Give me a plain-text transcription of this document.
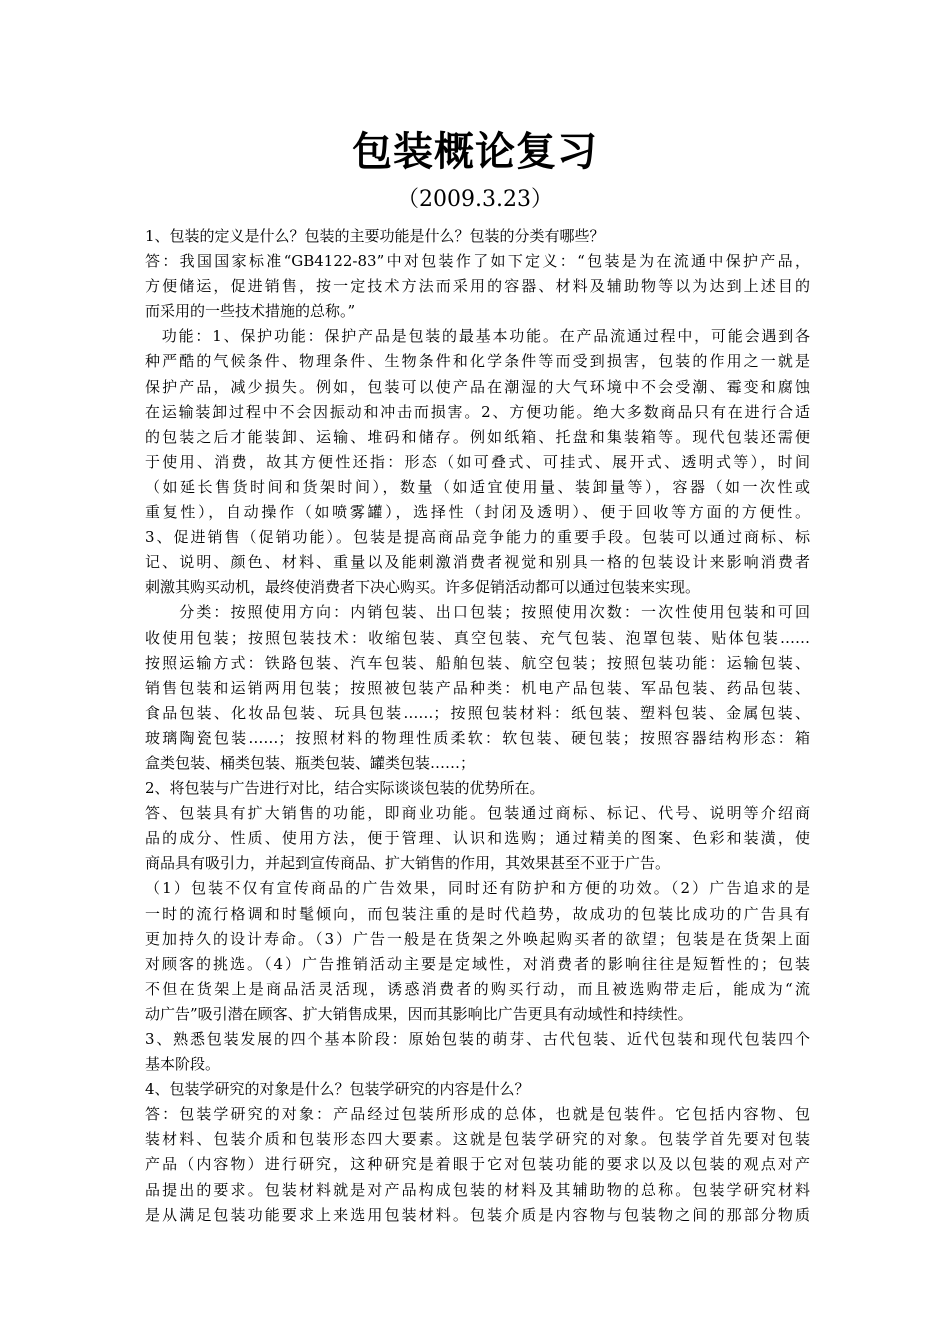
包装概论复习
（2009.3.23）
1、包装的定义是什么？包装的主要功能是什么？包装的分类有哪些？
答：我国国家标准“GB4122-83”中对包装作了如下定义：“包装是为在流通中保护产品，
方便储运，促进销售，按一定技术方法而采用的容器、材料及辅助物等以为达到上述目的
而采用的一些技术措施的总称。”
　功能：1、保护功能：保护产品是包装的最基本功能。在产品流通过程中，可能会遇到各
种严酷的气候条件、物理条件、生物条件和化学条件等而受到损害，包装的作用之一就是
保护产品，减少损失。例如，包装可以使产品在潮湿的大气环境中不会受潮、霉变和腐蚀
在运输装卸过程中不会因振动和冲击而损害。2、方便功能。绝大多数商品只有在进行合适
的包装之后才能装卸、运输、堆码和储存。例如纸箱、托盘和集装箱等。现代包装还需便
于使用、消费，故其方便性还指：形态（如可叠式、可挂式、展开式、透明式等），时间
（如延长售货时间和货架时间），数量（如适宜使用量、装卸量等），容器（如一次性或
重复性），自动操作（如喷雾罐），选择性（封闭及透明）、便于回收等方面的方便性。
3、促进销售（促销功能）。包装是提高商品竞争能力的重要手段。包装可以通过商标、标
记、说明、颜色、材料、重量以及能刺激消费者视觉和别具一格的包装设计来影响消费者
刺激其购买动机，最终使消费者下决心购买。许多促销活动都可以通过包装来实现。
　　分类：按照使用方向：内销包装、出口包装；按照使用次数：一次性使用包装和可回
收使用包装；按照包装技术：收缩包装、真空包装、充气包装、泡罩包装、贴体包装……
按照运输方式：铁路包装、汽车包装、船舶包装、航空包装；按照包装功能：运输包装、
销售包装和运销两用包装；按照被包装产品种类：机电产品包装、军品包装、药品包装、
食品包装、化妆品包装、玩具包装……；按照包装材料：纸包装、塑料包装、金属包装、
玻璃陶瓷包装……；按照材料的物理性质柔软：软包装、硬包装；按照容器结构形态：箱
盒类包装、桶类包装、瓶类包装、罐类包装……；
2、将包装与广告进行对比，结合实际谈谈包装的优势所在。
答、包装具有扩大销售的功能，即商业功能。包装通过商标、标记、代号、说明等介绍商
品的成分、性质、使用方法，便于管理、认识和选购；通过精美的图案、色彩和装潢，使
商品具有吸引力，并起到宣传商品、扩大销售的作用，其效果甚至不亚于广告。
（1）包装不仅有宣传商品的广告效果，同时还有防护和方便的功效。（2）广告追求的是
一时的流行格调和时髦倾向，而包装注重的是时代趋势，故成功的包装比成功的广告具有
更加持久的设计寿命。（3）广告一般是在货架之外唤起购买者的欲望；包装是在货架上面
对顾客的挑选。（4）广告推销活动主要是定域性，对消费者的影响往往是短暂性的；包装
不但在货架上是商品活灵活现，诱惑消费者的购买行动，而且被选购带走后，能成为“流
动广告”吸引潜在顾客、扩大销售成果，因而其影响比广告更具有动域性和持续性。
3、熟悉包装发展的四个基本阶段：原始包装的萌芽、古代包装、近代包装和现代包装四个
基本阶段。
4、包装学研究的对象是什么？包装学研究的内容是什么？
答：包装学研究的对象：产品经过包装所形成的总体，也就是包装件。它包括内容物、包
装材料、包装介质和包装形态四大要素。这就是包装学研究的对象。包装学首先要对包装
产品（内容物）进行研究，这种研究是着眼于它对包装功能的要求以及以包装的观点对产
品提出的要求。包装材料就是对产品构成包装的材料及其辅助物的总称。包装学研究材料
是从满足包装功能要求上来选用包装材料。包装介质是内容物与包装物之间的那部分物质
